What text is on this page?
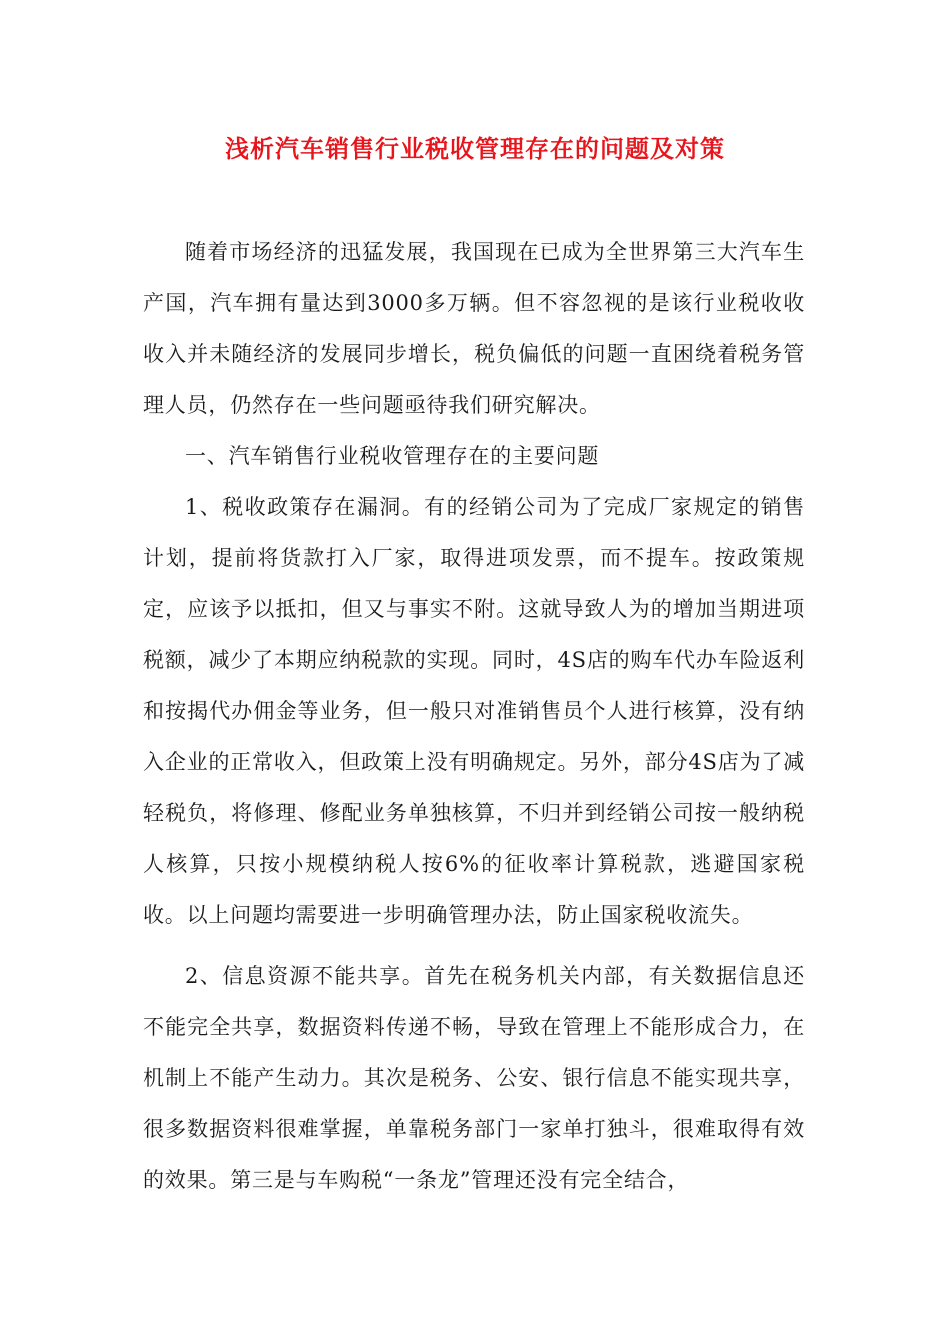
浅析汽车销售行业税收管理存在的问题及对策

随着市场经济的迅猛发展，我国现在已成为全世界第三大汽车生产国，汽车拥有量达到3000多万辆。但不容忽视的是该行业税收收收入并未随经济的发展同步增长，税负偏低的问题一直困绕着税务管理人员，仍然存在一些问题亟待我们研究解决。

一、汽车销售行业税收管理存在的主要问题

1、税收政策存在漏洞。有的经销公司为了完成厂家规定的销售计划，提前将货款打入厂家，取得进项发票，而不提车。按政策规定，应该予以抵扣，但又与事实不附。这就导致人为的增加当期进项税额，减少了本期应纳税款的实现。同时，4S店的购车代办车险返利和按揭代办佣金等业务，但一般只对准销售员个人进行核算，没有纳入企业的正常收入，但政策上没有明确规定。另外，部分4S店为了减轻税负，将修理、修配业务单独核算，不归并到经销公司按一般纳税人核算，只按小规模纳税人按6%的征收率计算税款，逃避国家税收。以上问题均需要进一步明确管理办法，防止国家税收流失。

2、信息资源不能共享。首先在税务机关内部，有关数据信息还不能完全共享，数据资料传递不畅，导致在管理上不能形成合力，在机制上不能产生动力。其次是税务、公安、银行信息不能实现共享，很多数据资料很难掌握，单靠税务部门一家单打独斗，很难取得有效的效果。第三是与车购税“一条龙”管理还没有完全结合，
